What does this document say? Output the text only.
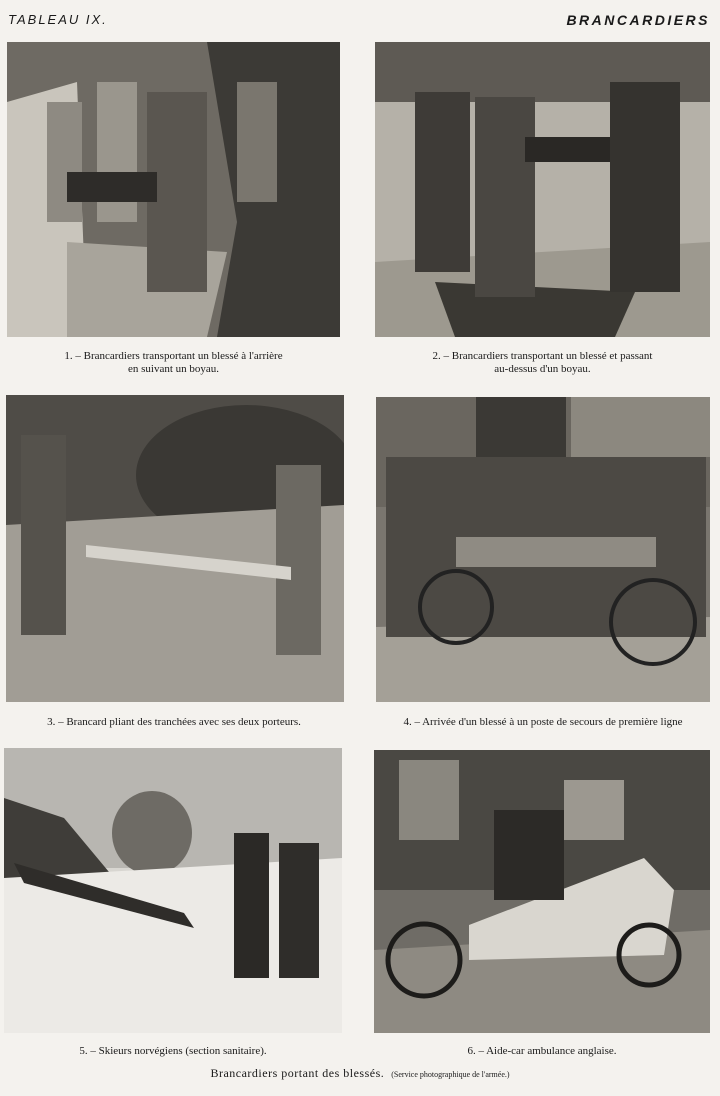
TABLEAU IX.	BRANCARDIERS
1. – Brancardiers transportant un blessé à l'arrière
en suivant un boyau.
2. – Brancardiers transportant un blessé et passant
au-dessus d'un boyau.
3. – Brancard pliant des tranchées avec ses deux porteurs.	4. – Arrivée d'un blessé à un poste de secours de première ligne
5. – Skieurs norvégiens (section sanitaire).	6. – Aide-car ambulance anglaise.
Brancardiers portant des blessés. (Service photographique de l'armée.)
